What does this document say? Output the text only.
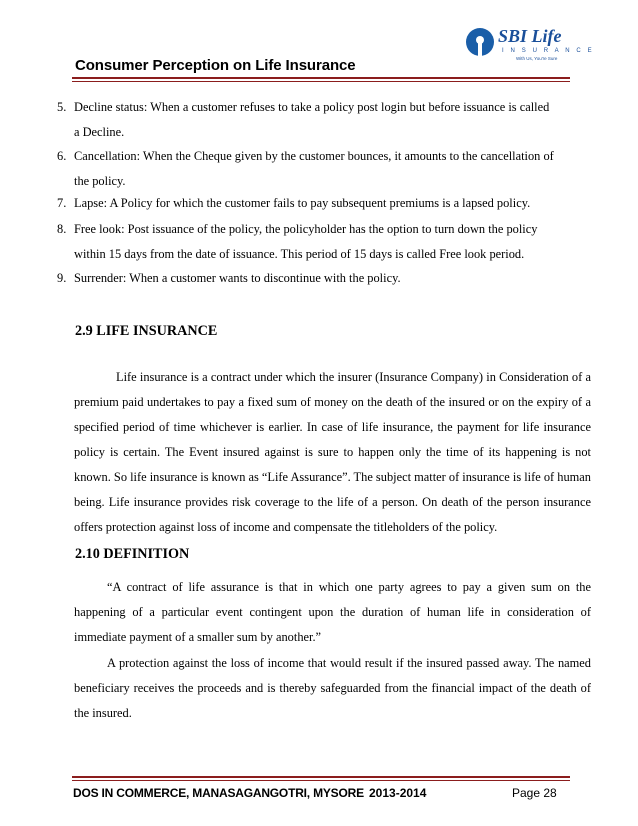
Consumer Perception on Life Insurance
SBI Life
I N S U R A N C E
With Us, You're Sure
5. Decline status: When a customer refuses to take a policy post login but before issuance is called
a Decline.
6. Cancellation: When the Cheque given by the customer bounces, it amounts to the cancellation of
the policy.
7. Lapse: A Policy for which the customer fails to pay subsequent premiums is a lapsed policy.
8. Free look: Post issuance of the policy, the policyholder has the option to turn down the policy
within 15 days from the date of issuance. This period of 15 days is called Free look period.
9. Surrender: When a customer wants to discontinue with the policy.
2.9 LIFE INSURANCE
Life insurance is a contract under which the insurer (Insurance Company) in Consideration of a premium paid undertakes to pay a fixed sum of money on the death of the insured or on the expiry of a specified period of time whichever is earlier. In case of life insurance, the payment for life insurance policy is certain. The Event insured against is sure to happen only the time of its happening is not known. So life insurance is known as “Life Assurance”. The subject matter of insurance is life of human being. Life insurance provides risk coverage to the life of a person. On death of the person insurance offers protection against loss of income and compensate the titleholders of the policy.
2.10 DEFINITION
“A contract of life assurance is that in which one party agrees to pay a given sum on the happening of a particular event contingent upon the duration of human life in consideration of immediate payment of a smaller sum by another.”
A protection against the loss of income that would result if the insured passed away. The named beneficiary receives the proceeds and is thereby safeguarded from the financial impact of the death of the insured.
DOS IN COMMERCE, MANASAGANGOTRI, MYSORE 2013-2014	Page 28
